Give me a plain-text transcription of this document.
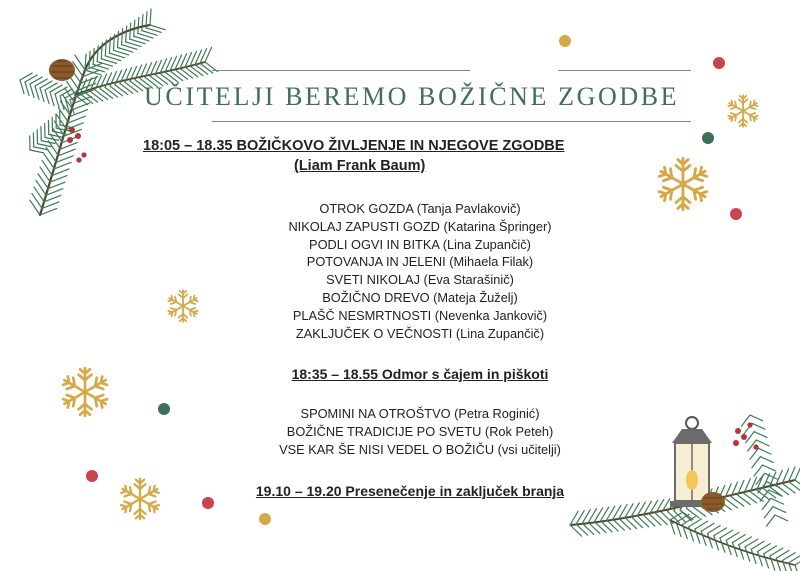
UČITELJI BEREMO BOŽIČNE ZGODBE
18:05 – 18.35 BOŽIČKOVO ŽIVLJENJE IN NJEGOVE ZGODBE
(Liam Frank Baum)
OTROK GOZDA (Tanja Pavlakovič)
NIKOLAJ ZAPUSTI GOZD (Katarina Špringer)
PODLI OGVI IN BITKA (Lina Zupančič)
POTOVANJA IN JELENI (Mihaela Filak)
SVETI NIKOLAJ (Eva Starašinič)
BOŽIČNO DREVO (Mateja Žuželj)
PLAŠČ NESMRTNOSTI (Nevenka Jankovič)
ZAKLJUČEK O VEČNOSTI (Lina Zupančič)
18:35 – 18.55 Odmor s čajem in piškoti
SPOMINI NA OTROŠTVO (Petra Roginić)
BOŽIČNE TRADICIJE PO SVETU (Rok Peteh)
VSE KAR ŠE NISI VEDEL O BOŽIČU (vsi učitelji)
19.10 – 19.20 Presenečenje in zaključek branja
